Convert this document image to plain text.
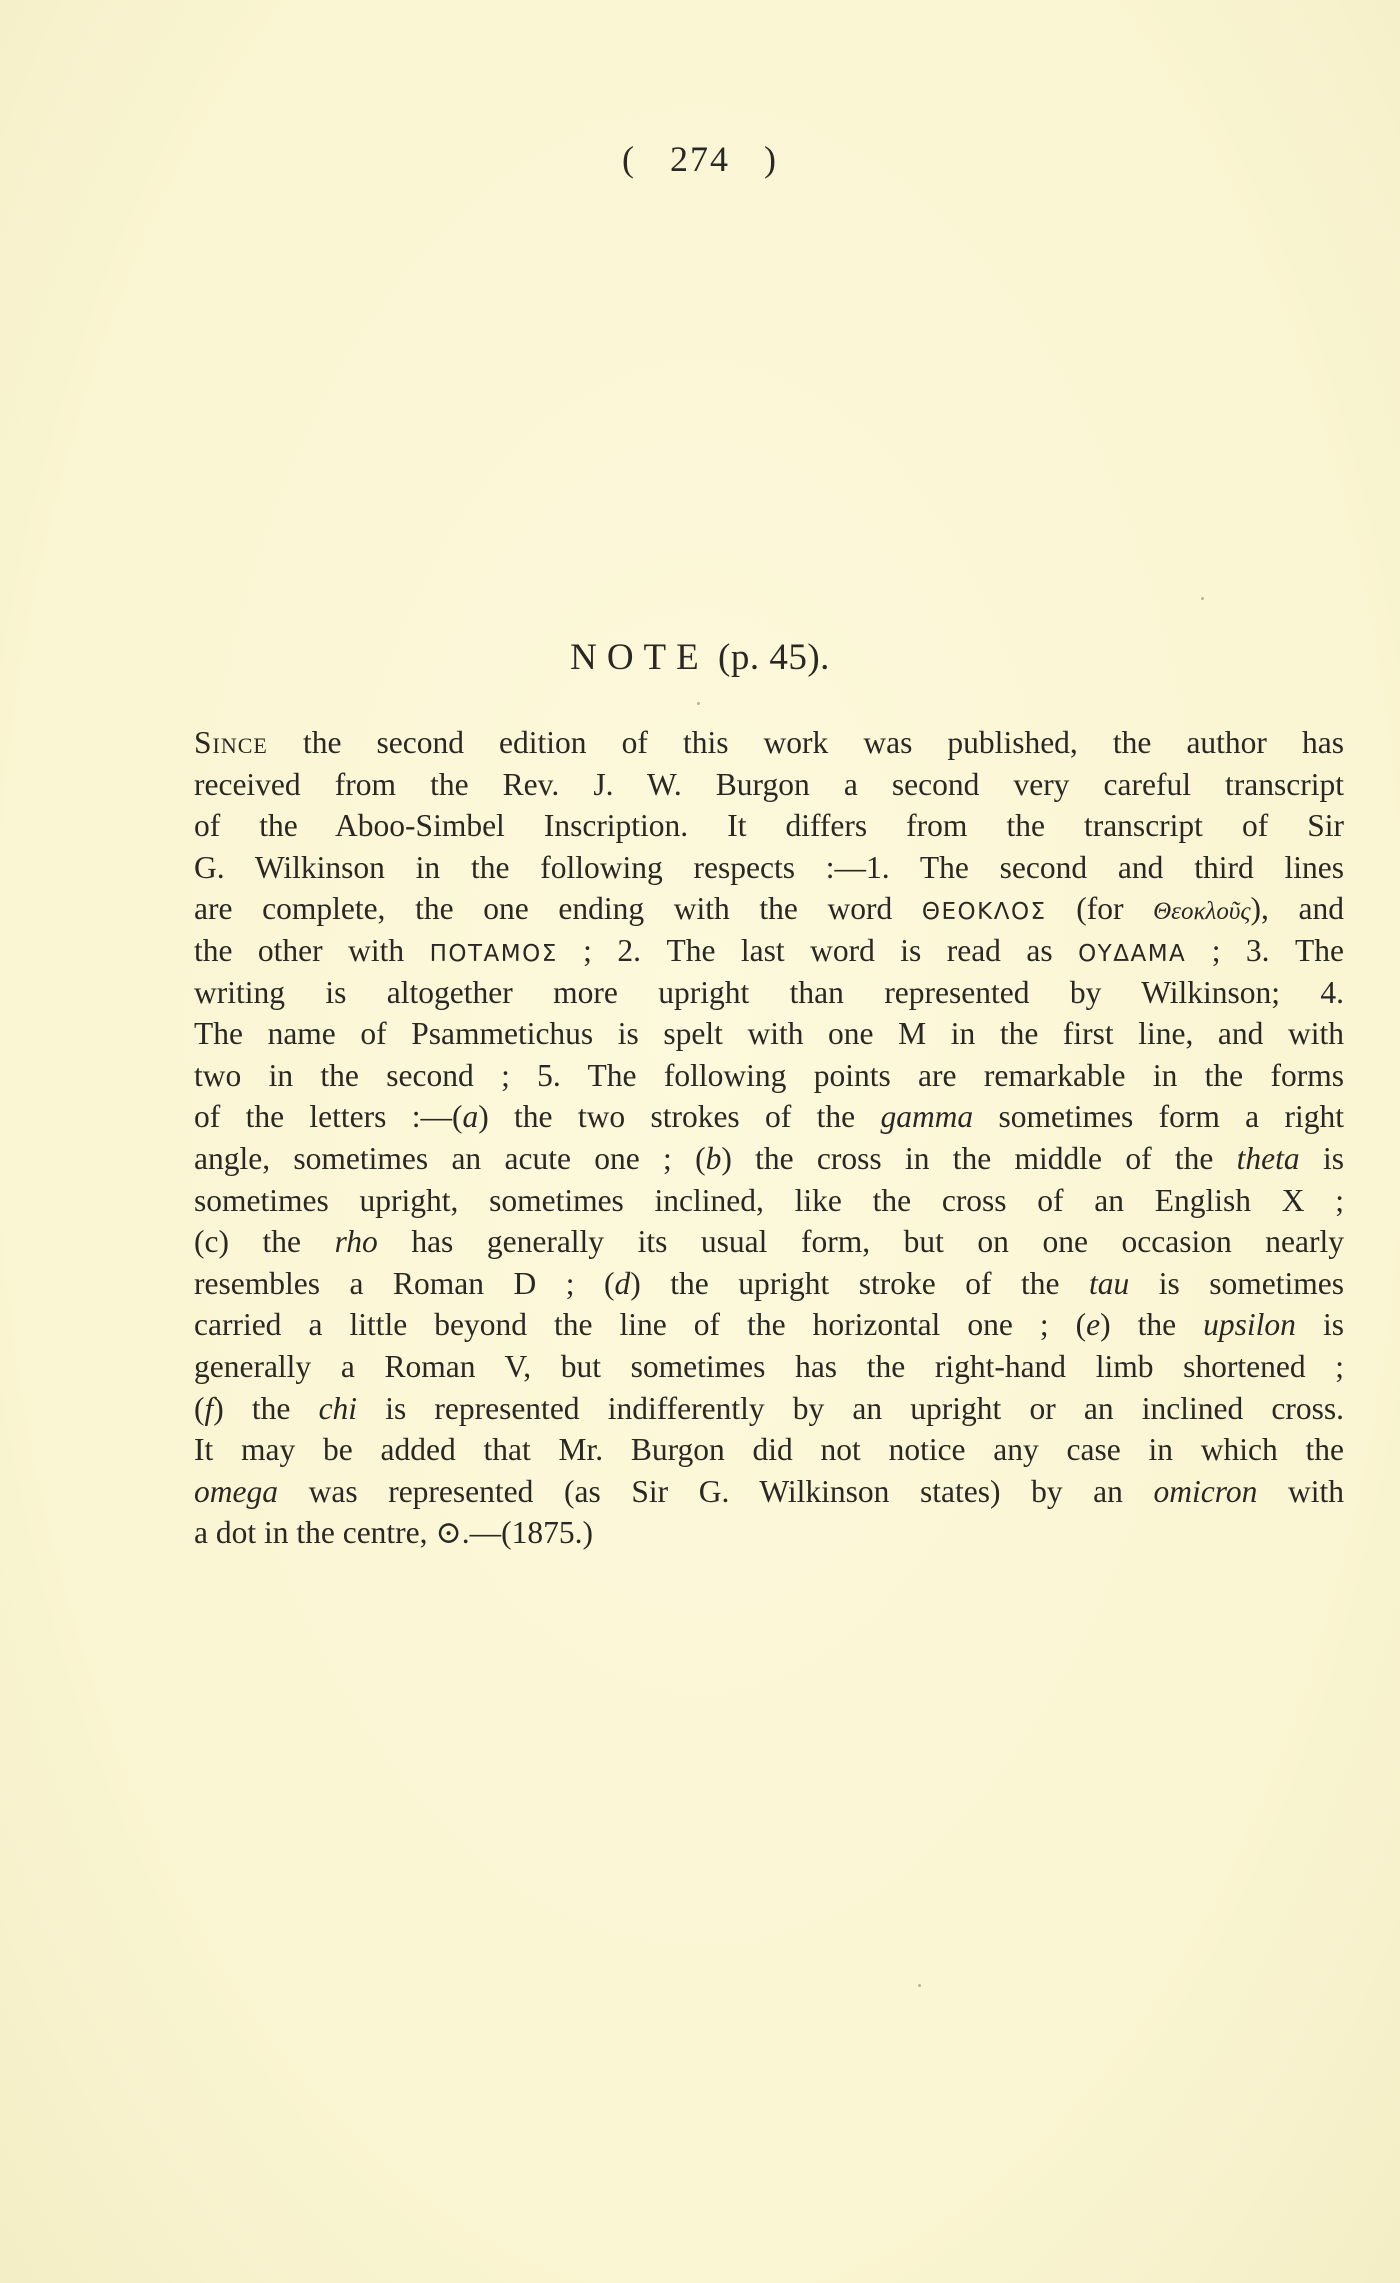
( 274 )
NOTE (p. 45).
Since the second edition of this work was published, the author has
received from the Rev. J. W. Burgon a second very careful transcript
of the Aboo-Simbel Inscription. It differs from the transcript of Sir
G. Wilkinson in the following respects :—1. The second and third lines
are complete, the one ending with the word ΘΕΟΚΛΟΣ (for Θεοκλοῦς), and
the other with ΠΟΤΑΜΟΣ ; 2. The last word is read as ΟΥΔΑΜΑ ; 3. The
writing is altogether more upright than represented by Wilkinson; 4.
The name of Psammetichus is spelt with one M in the first line, and with
two in the second ; 5. The following points are remarkable in the forms
of the letters :—(a) the two strokes of the gamma sometimes form a right
angle, sometimes an acute one ; (b) the cross in the middle of the theta is
sometimes upright, sometimes inclined, like the cross of an English X ;
(c) the rho has generally its usual form, but on one occasion nearly
resembles a Roman D ; (d) the upright stroke of the tau is sometimes
carried a little beyond the line of the horizontal one ; (e) the upsilon is
generally a Roman V, but sometimes has the right-hand limb shortened ;
(f) the chi is represented indifferently by an upright or an inclined cross.
It may be added that Mr. Burgon did not notice any case in which the
omega was represented (as Sir G. Wilkinson states) by an omicron with
a dot in the centre, ⊙.—(1875.)
